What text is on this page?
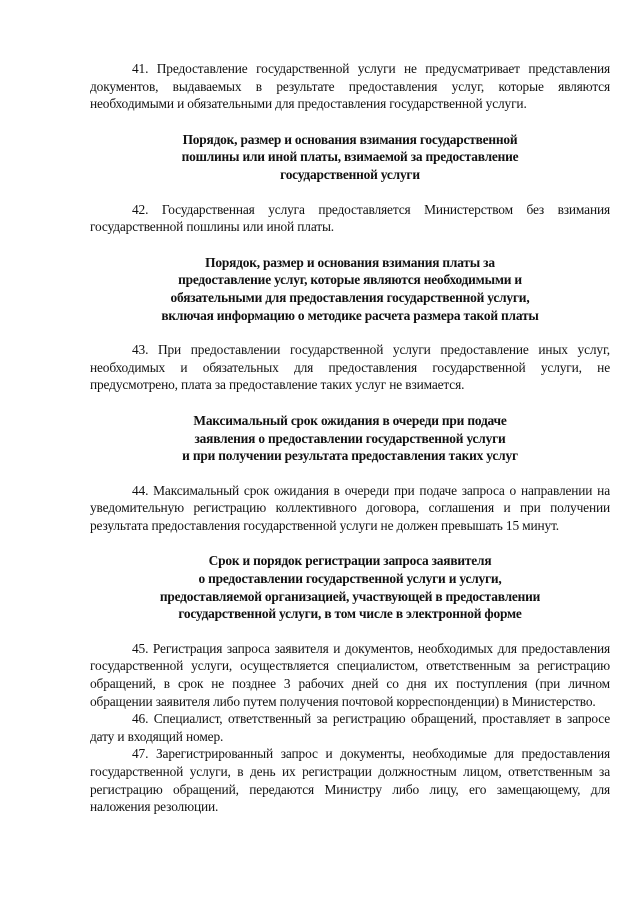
41. Предоставление государственной услуги не предусматривает представления документов, выдаваемых в результате предоставления услуг, которые являются необходимыми и обязательными для предоставления государственной услуги.

Порядок, размер и основания взимания государственной
пошлины или иной платы, взимаемой за предоставление
государственной услуги

42. Государственная услуга предоставляется Министерством без взимания государственной пошлины или иной платы.

Порядок, размер и основания взимания платы за
предоставление услуг, которые являются необходимыми и
обязательными для предоставления государственной услуги,
включая информацию о методике расчета размера такой платы

43. При предоставлении государственной услуги предоставление иных услуг, необходимых и обязательных для предоставления государственной услуги, не предусмотрено, плата за предоставление таких услуг не взимается.

Максимальный срок ожидания в очереди при подаче
заявления о предоставлении государственной услуги
и при получении результата предоставления таких услуг

44. Максимальный срок ожидания в очереди при подаче запроса о направлении на уведомительную регистрацию коллективного договора, соглашения и при получении результата предоставления государственной услуги не должен превышать 15 минут.

Срок и порядок регистрации запроса заявителя
о предоставлении государственной услуги и услуги,
предоставляемой организацией, участвующей в предоставлении
государственной услуги, в том числе в электронной форме

45. Регистрация запроса заявителя и документов, необходимых для предоставления государственной услуги, осуществляется специалистом, ответственным за регистрацию обращений, в срок не позднее 3 рабочих дней со дня их поступления (при личном обращении заявителя либо путем получения почтовой корреспонденции) в Министерство.

46. Специалист, ответственный за регистрацию обращений, проставляет в запросе дату и входящий номер.

47. Зарегистрированный запрос и документы, необходимые для предоставления государственной услуги, в день их регистрации должностным лицом, ответственным за регистрацию обращений, передаются Министру либо лицу, его замещающему, для наложения резолюции.
